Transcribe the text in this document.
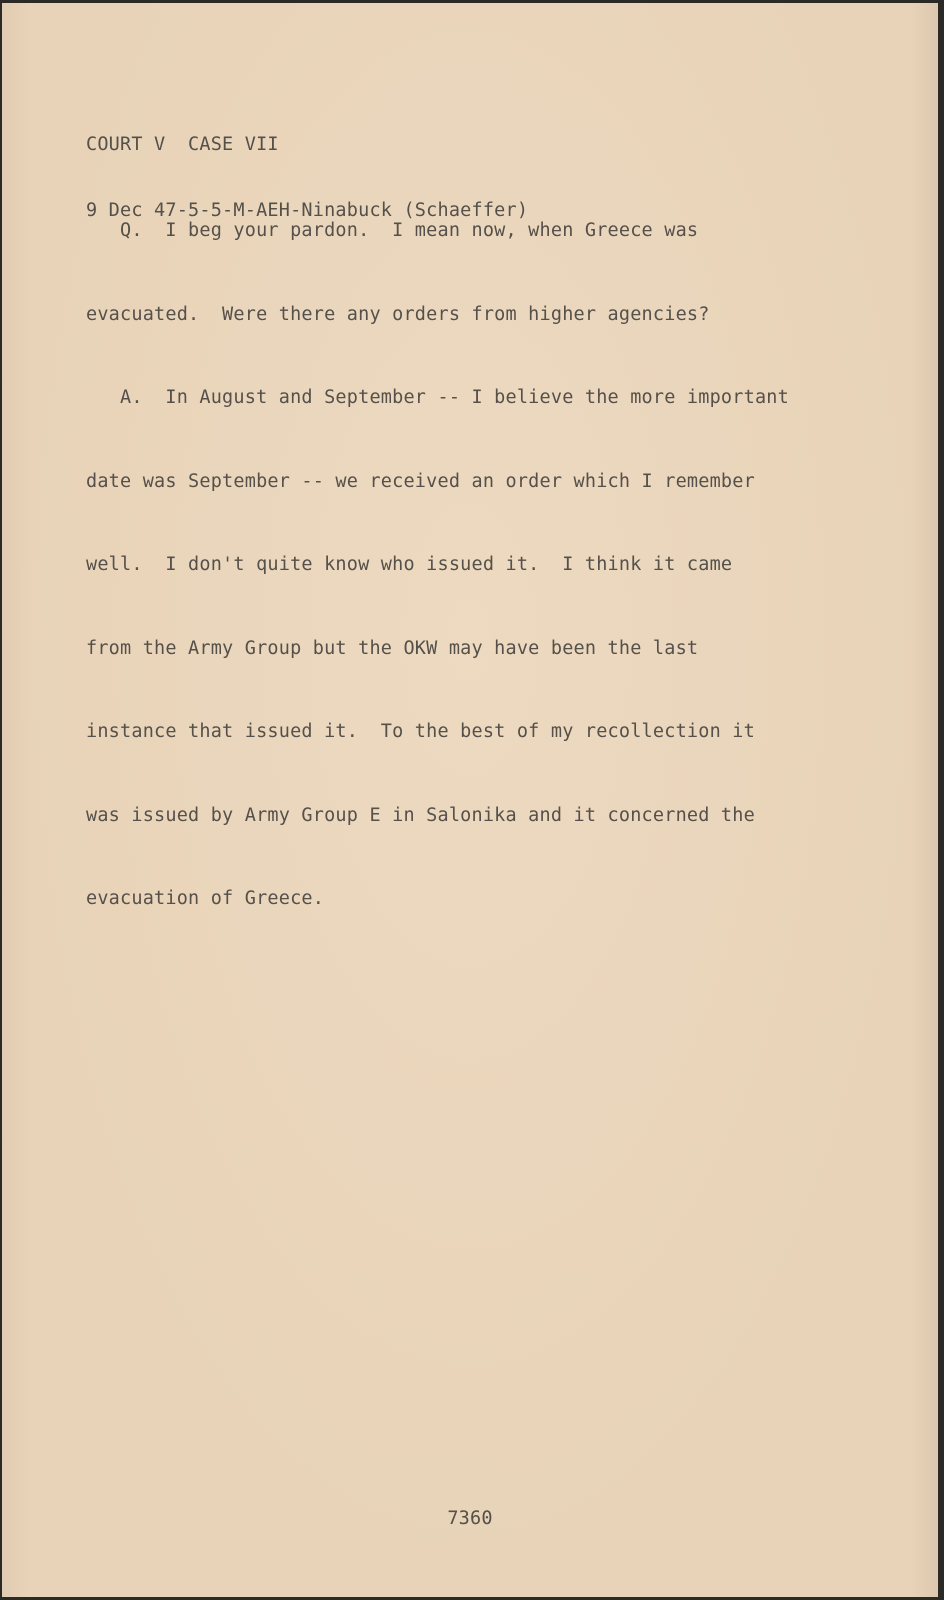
COURT V  CASE VII

9 Dec 47-5-5-M-AEH-Ninabuck (Schaeffer)

Q.  I beg your pardon.  I mean now, when Greece was

evacuated.  Were there any orders from higher agencies?

A.  In August and September -- I believe the more important

date was September -- we received an order which I remember

well.  I don't quite know who issued it.  I think it came

from the Army Group but the OKW may have been the last

instance that issued it.  To the best of my recollection it

was issued by Army Group E in Salonika and it concerned the

evacuation of Greece.

7360
